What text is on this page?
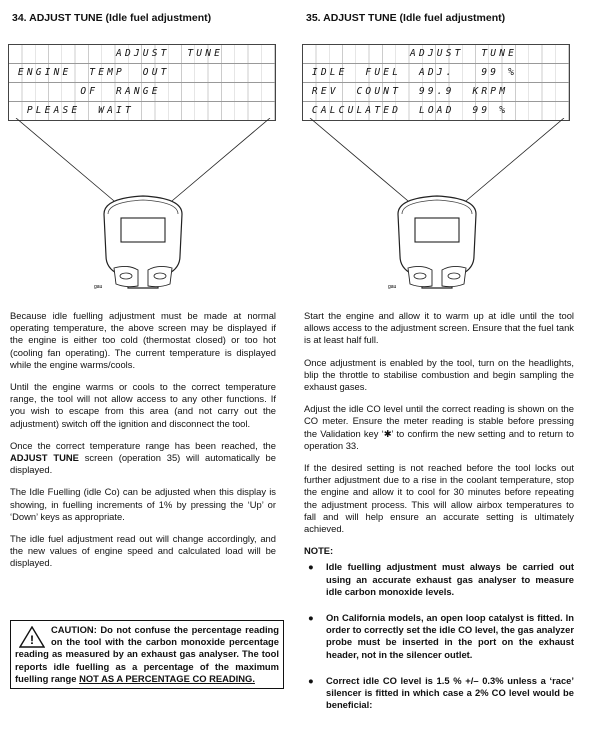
34. ADJUST TUNE (Idle fuel adjustment)
ADJUST  TUNE
ENGINE  TEMP  OUT
OF  RANGE
PLEASE  WAIT
gau

Because idle fuelling adjustment must be made at normal operating temperature, the above screen may be displayed if the engine is either too cold (thermostat closed) or too hot (cooling fan operating). The current temperature is displayed while the engine warms/cools.

Until the engine warms or cools to the correct temperature range, the tool will not allow access to any other functions. If you wish to escape from this area (and not carry out the adjustment) switch off the ignition and disconnect the tool.

Once the correct temperature range has been reached, the ADJUST TUNE screen (operation 35) will automatically be displayed.

The Idle Fuelling (idle Co) can be adjusted when this display is showing, in fuelling increments of 1% by pressing the ‘Up’ or ‘Down’ keys as appropriate.

The idle fuel adjustment read out will change accordingly, and the new values of engine speed and calculated load will be displayed.

!
CAUTION: Do not confuse the percentage reading on the tool with the carbon monoxide percentage reading as measured by an exhaust gas analyser. The tool reports idle fuelling as a percentage of the maximum fuelling range NOT AS A PERCENTAGE CO READING.
35. ADJUST TUNE (Idle fuel adjustment)
ADJUST  TUNE
IDLE  FUEL  ADJ.   99 %
REV  COUNT  99.9  KRPM
CALCULATED  LOAD  99 %
gau

Start the engine and allow it to warm up at idle until the tool allows access to the adjustment screen. Ensure that the fuel tank is at least half full.

Once adjustment is enabled by the tool, turn on the headlights, blip the throttle to stabilise combustion and begin sampling the exhaust gases.

Adjust the idle CO level until the correct reading is shown on the CO meter. Ensure the meter reading is stable before pressing the Validation key ‘✱’ to confirm the new setting and to return to operation 33.

If the desired setting is not reached before the tool locks out further adjustment due to a rise in the coolant temperature, stop the engine and allow it to cool for 30 minutes before repeating the adjustment process. This will allow airbox temperatures to fall and will help ensure an accurate setting is ultimately achieved.

NOTE:
● Idle fuelling adjustment must always be carried out using an accurate exhaust gas analyser to measure idle carbon monoxide levels.
● On California models, an open loop catalyst is fitted. In order to correctly set the idle CO level, the gas analyzer probe must be inserted in the port on the exhaust header, not in the silencer outlet.
● Correct idle CO level is 1.5 % +/– 0.3% unless a ‘race’ silencer is fitted in which case a 2% CO level would be beneficial:
